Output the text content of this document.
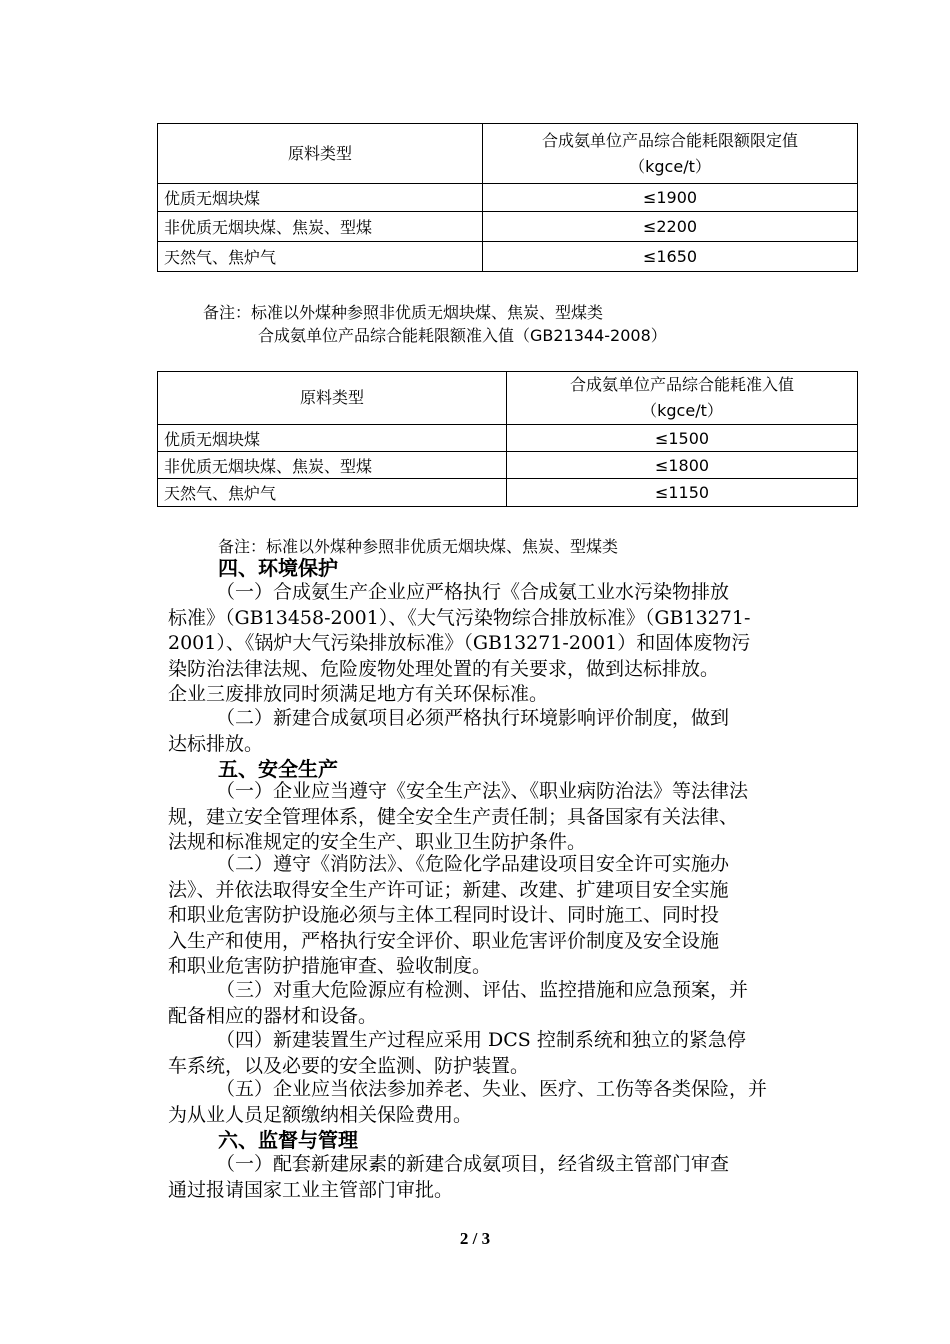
原料类型	合成氨单位产品综合能耗限额限定值
（kgce/t）

优质无烟块煤	≤1900
非优质无烟块煤、焦炭、型煤	≤2200
天然气、焦炉气	≤1650
备注：标准以外煤种参照非优质无烟块煤、焦炭、型煤类
合成氨单位产品综合能耗限额准入值（GB21344-2008）
原料类型	合成氨单位产品综合能耗准入值
（kgce/t）

优质无烟块煤	≤1500
非优质无烟块煤、焦炭、型煤	≤1800
天然气、焦炉气	≤1150
备注：标准以外煤种参照非优质无烟块煤、焦炭、型煤类
四、环境保护
（一）合成氨生产企业应严格执行《合成氨工业水污染物排放
标准》（GB13458-2001）、《大气污染物综合排放标准》（GB13271-
2001）、《锅炉大气污染排放标准》（GB13271-2001）和固体废物污
染防治法律法规、危险废物处理处置的有关要求，做到达标排放。
企业三废排放同时须满足地方有关环保标准。
（二）新建合成氨项目必须严格执行环境影响评价制度，做到
达标排放。
五、安全生产
（一）企业应当遵守《安全生产法》、《职业病防治法》等法律法
规，建立安全管理体系，健全安全生产责任制；具备国家有关法律、
法规和标准规定的安全生产、职业卫生防护条件。
（二）遵守《消防法》、《危险化学品建设项目安全许可实施办
法》、并依法取得安全生产许可证；新建、改建、扩建项目安全实施
和职业危害防护设施必须与主体工程同时设计、同时施工、同时投
入生产和使用，严格执行安全评价、职业危害评价制度及安全设施
和职业危害防护措施审查、验收制度。
（三）对重大危险源应有检测、评估、监控措施和应急预案，并
配备相应的器材和设备。
（四）新建装置生产过程应采用 DCS 控制系统和独立的紧急停
车系统，以及必要的安全监测、防护装置。
（五）企业应当依法参加养老、失业、医疗、工伤等各类保险，并
为从业人员足额缴纳相关保险费用。
六、监督与管理
（一）配套新建尿素的新建合成氨项目，经省级主管部门审查
通过报请国家工业主管部门审批。
2 / 3
